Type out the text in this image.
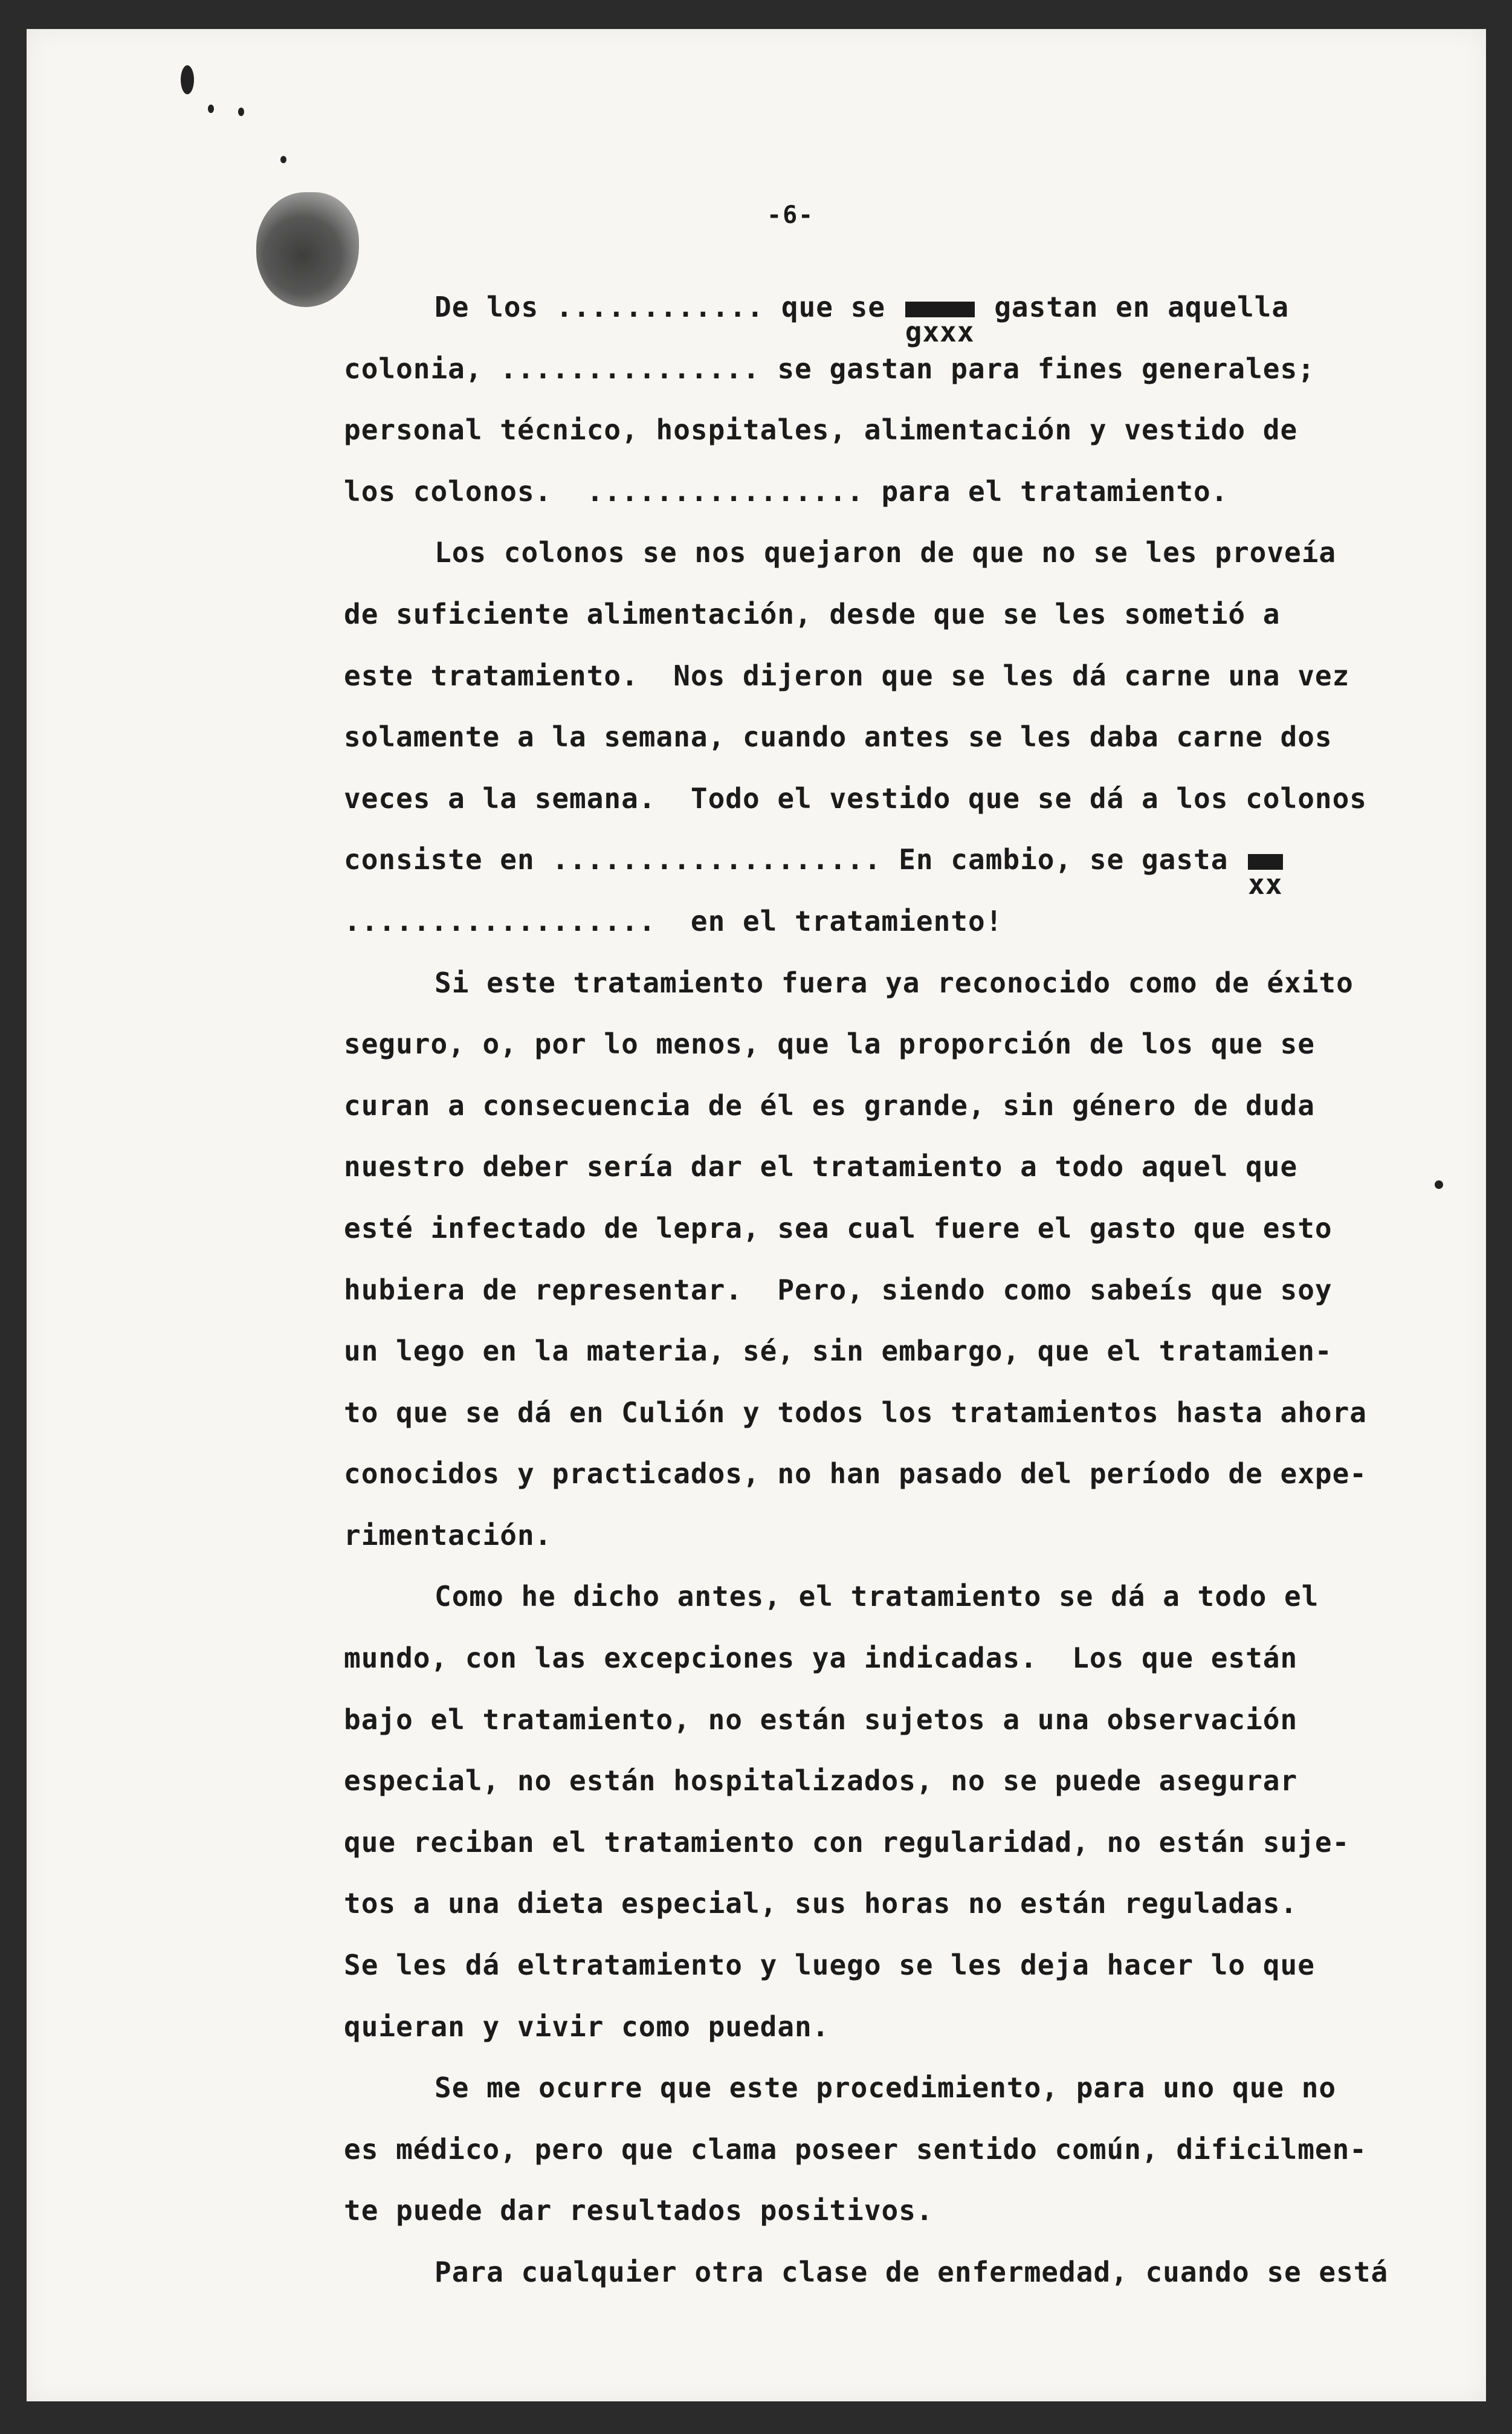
-6-
De los ............ que se gxxx gastan en aquella
colonia, ............... se gastan para fines generales;
personal técnico, hospitales, alimentación y vestido de
los colonos.  ................ para el tratamiento.
Los colonos se nos quejaron de que no se les proveía
de suficiente alimentación, desde que se les sometió a
este tratamiento.  Nos dijeron que se les dá carne una vez
solamente a la semana, cuando antes se les daba carne dos
veces a la semana.  Todo el vestido que se dá a los colonos
consiste en ................... En cambio, se gasta xx
..................  en el tratamiento!
Si este tratamiento fuera ya reconocido como de éxito
seguro, o, por lo menos, que la proporción de los que se
curan a consecuencia de él es grande, sin género de duda
nuestro deber sería dar el tratamiento a todo aquel que
esté infectado de lepra, sea cual fuere el gasto que esto
hubiera de representar.  Pero, siendo como sabeís que soy
un lego en la materia, sé, sin embargo, que el tratamien-
to que se dá en Culión y todos los tratamientos hasta ahora
conocidos y practicados, no han pasado del período de expe-
rimentación.
Como he dicho antes, el tratamiento se dá a todo el
mundo, con las excepciones ya indicadas.  Los que están
bajo el tratamiento, no están sujetos a una observación
especial, no están hospitalizados, no se puede asegurar
que reciban el tratamiento con regularidad, no están suje-
tos a una dieta especial, sus horas no están reguladas.
Se les dá eltratamiento y luego se les deja hacer lo que
quieran y vivir como puedan.
Se me ocurre que este procedimiento, para uno que no
es médico, pero que clama poseer sentido común, dificilmen-
te puede dar resultados positivos.
Para cualquier otra clase de enfermedad, cuando se está
